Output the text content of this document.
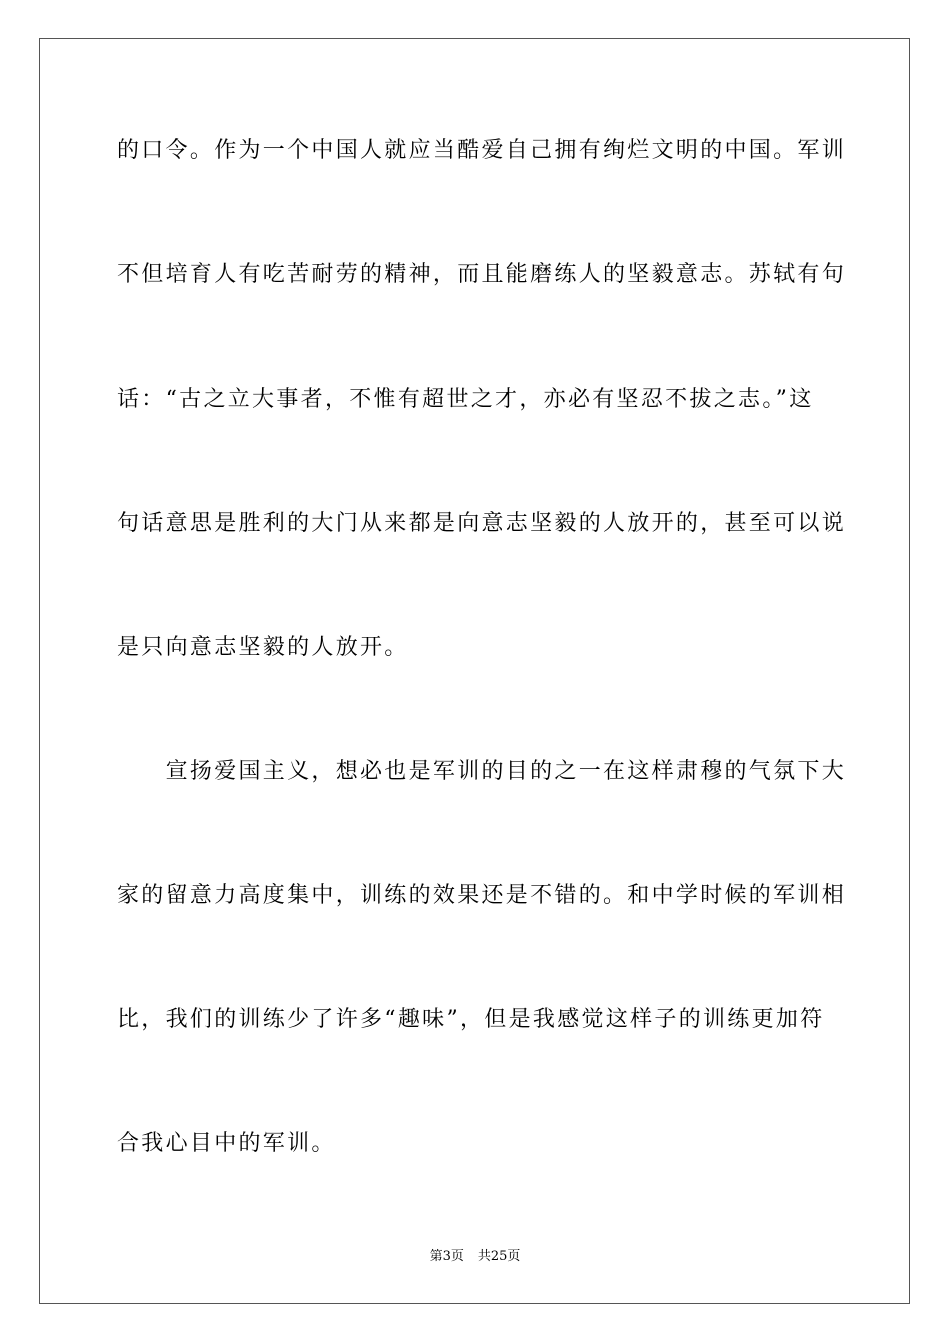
的口令。作为一个中国人就应当酷爱自己拥有绚烂文明的中国。军训
不但培育人有吃苦耐劳的精神，而且能磨练人的坚毅意志。苏轼有句
话：“古之立大事者，不惟有超世之才，亦必有坚忍不拔之志。”这
句话意思是胜利的大门从来都是向意志坚毅的人放开的，甚至可以说
是只向意志坚毅的人放开。
　　宣扬爱国主义，想必也是军训的目的之一在这样肃穆的气氛下大
家的留意力高度集中，训练的效果还是不错的。和中学时候的军训相
比，我们的训练少了许多“趣味”，但是我感觉这样子的训练更加符
合我心目中的军训。
第3页 共25页
